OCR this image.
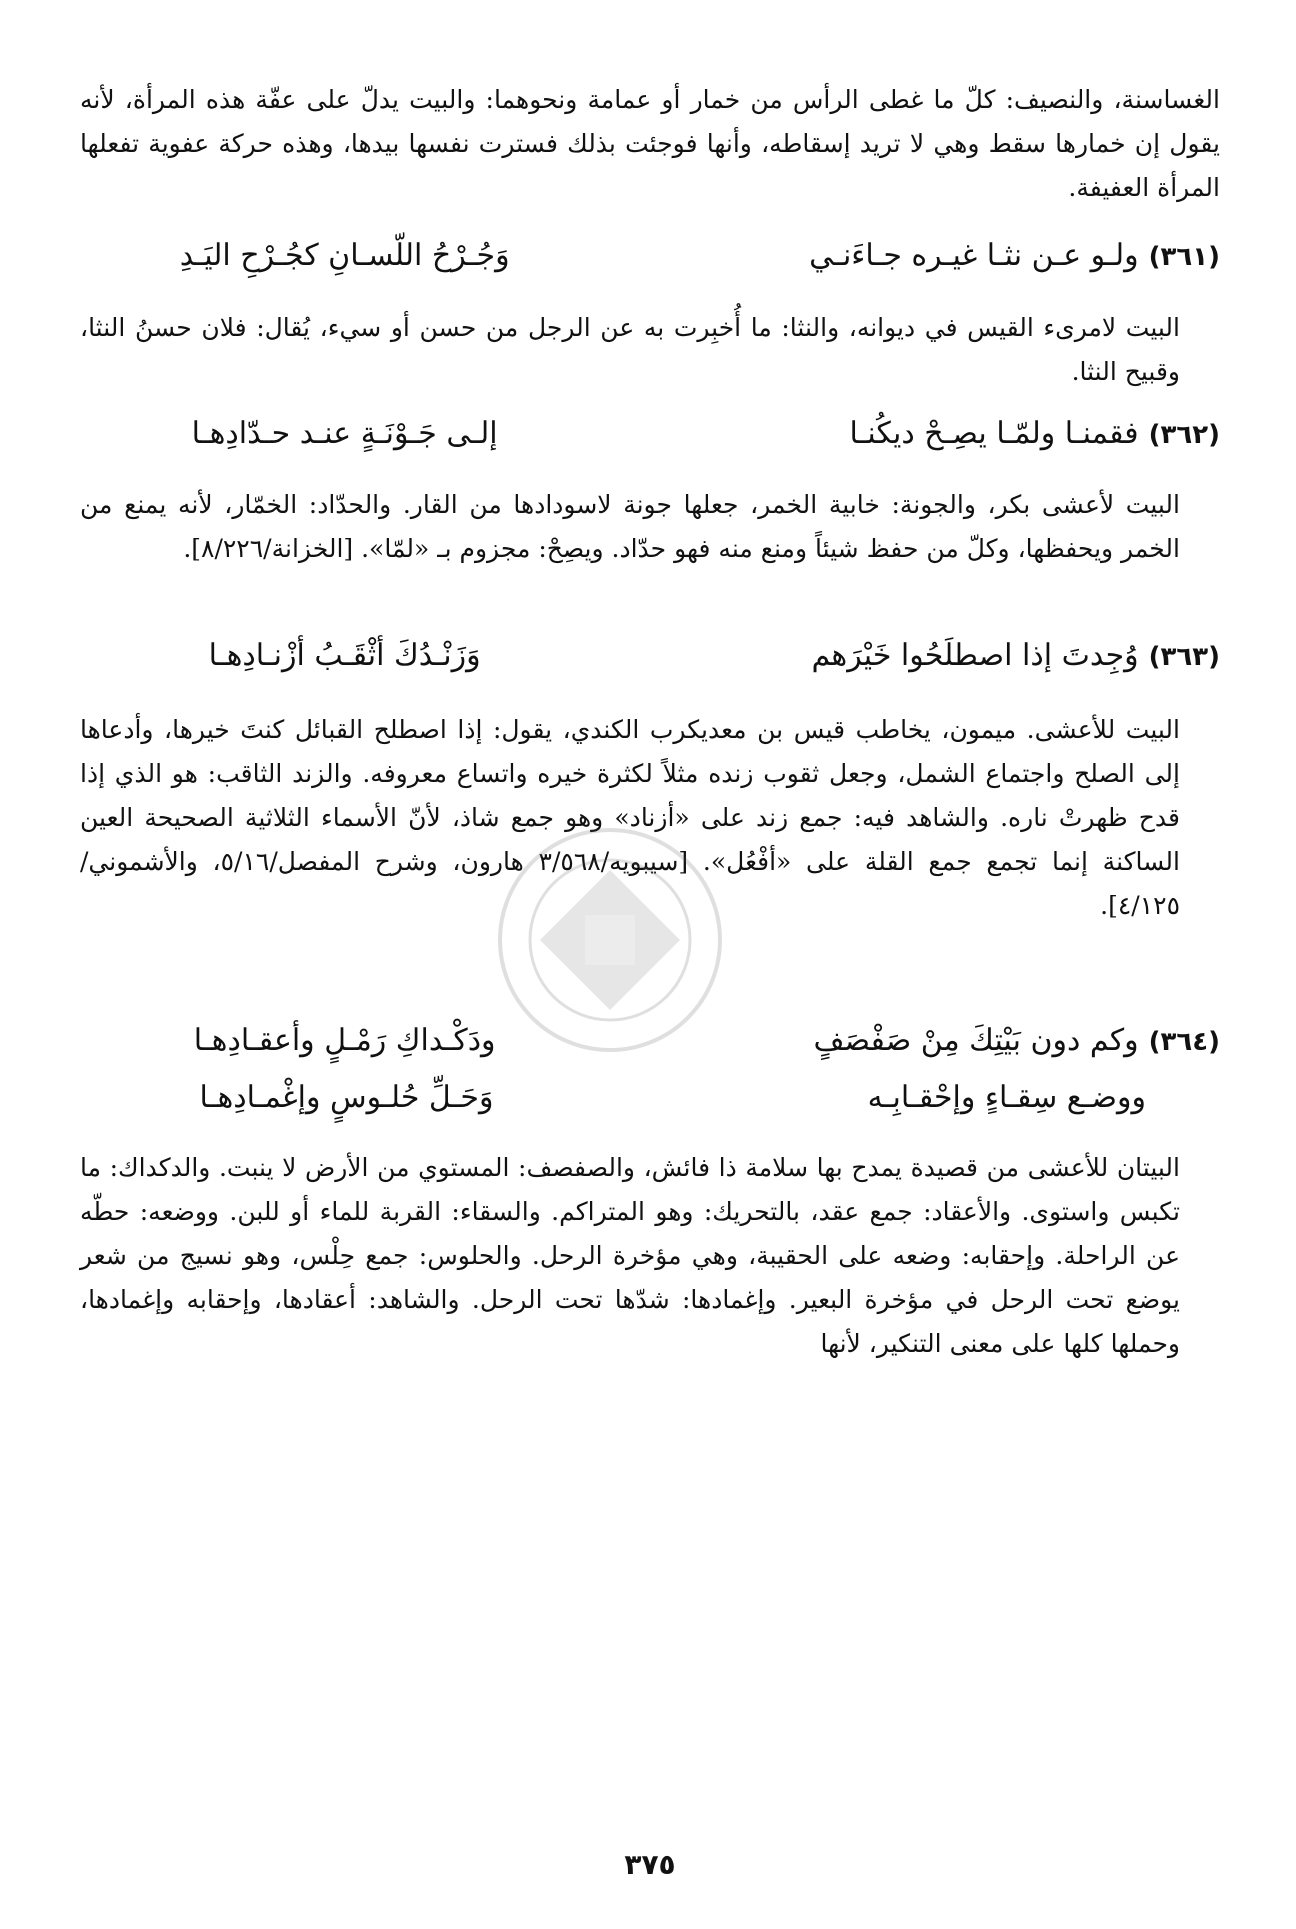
الغساسنة، والنصيف: كلّ ما غطى الرأس من خمار أو عمامة ونحوهما: والبيت يدلّ على عفّة هذه المرأة، لأنه يقول إن خمارها سقط وهي لا تريد إسقاطه، وأنها فوجئت بذلك فسترت نفسها بيدها، وهذه حركة عفوية تفعلها المرأة العفيفة.

(٣٦١)
ولـو عـن نثـا غيـره جـاءَنـي
وَجُـرْحُ اللّسـانِ كجُـرْحِ اليَـدِ

البيت لامرىء القيس في ديوانه، والنثا: ما أُخبِرت به عن الرجل من حسن أو سيء، يُقال: فلان حسنُ النثا، وقبيح النثا.

(٣٦٢)
فقمنـا ولمّـا يصِـحْ ديكُنـا
إلـى جَـوْنَـةٍ عنـد حـدّادِهـا

البيت لأعشى بكر، والجونة: خابية الخمر، جعلها جونة لاسودادها من القار. والحدّاد: الخمّار، لأنه يمنع من الخمر ويحفظها، وكلّ من حفظ شيئاً ومنع منه فهو حدّاد. ويصِحْ: مجزوم بـ «لمّا». [الخزانة/٨/٢٢٦].

(٣٦٣)
وُجِدتَ إذا اصطلَحُوا خَيْرَهم
وَزَنْـدُكَ أثْقَـبُ أزْنـادِهـا

البيت للأعشى. ميمون، يخاطب قيس بن معديكرب الكندي، يقول: إذا اصطلح القبائل كنتَ خيرها، وأدعاها إلى الصلح واجتماع الشمل، وجعل ثقوب زنده مثلاً لكثرة خيره واتساع معروفه. والزند الثاقب: هو الذي إذا قدح ظهرتْ ناره. والشاهد فيه: جمع زند على «أزناد» وهو جمع شاذ، لأنّ الأسماء الثلاثية الصحيحة العين الساكنة إنما تجمع جمع القلة على «أفْعُل». [سيبويه/٣/٥٦٨ هارون، وشرح المفصل/٥/١٦، والأشموني/٤/١٢٥].

(٣٦٤)
وكم دون بَيْتِكَ مِنْ صَفْصَفٍ
ودَكْـداكِ رَمْـلٍ وأعقـادِهـا
ووضـع سِقـاءٍ وإحْقـابِـه
وَحَـلِّ حُلـوسٍ وإغْمـادِهـا

البيتان للأعشى من قصيدة يمدح بها سلامة ذا فائش، والصفصف: المستوي من الأرض لا ينبت. والدكداك: ما تكبس واستوى. والأعقاد: جمع عقد، بالتحريك: وهو المتراكم. والسقاء: القربة للماء أو للبن. ووضعه: حطّه عن الراحلة. وإحقابه: وضعه على الحقيبة، وهي مؤخرة الرحل. والحلوس: جمع حِلْس، وهو نسيج من شعر يوضع تحت الرحل في مؤخرة البعير. وإغمادها: شدّها تحت الرحل. والشاهد: أعقادها، وإحقابه وإغمادها، وحملها كلها على معنى التنكير، لأنها

٣٧٥
